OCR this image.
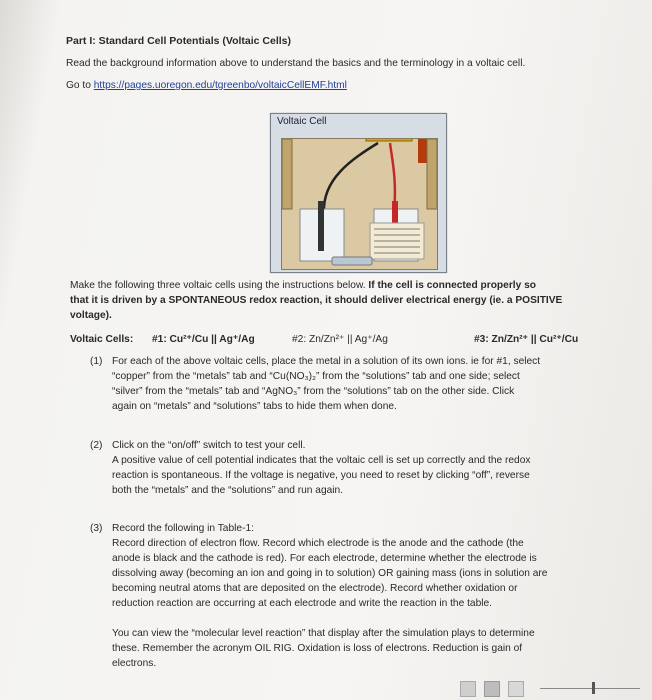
Part I: Standard Cell Potentials (Voltaic Cells)
Read the background information above to understand the basics and the terminology in a voltaic cell.
Go to https://pages.uoregon.edu/tgreenbo/voltaicCellEMF.html
Voltaic Cell
Make the following three voltaic cells using the instructions below. If the cell is connected properly so
that it is driven by a SPONTANEOUS redox reaction, it should deliver electrical energy (ie. a POSITIVE
voltage).
Voltaic Cells: #1: Cu²⁺/Cu || Ag⁺/Ag	#2: Zn/Zn²⁺ || Ag⁺/Ag	#3: Zn/Zn²⁺ || Cu²⁺/Cu
(1) For each of the above voltaic cells, place the metal in a solution of its own ions. ie for #1, select
“copper” from the “metals” tab and “Cu(NO₃)₂” from the “solutions” tab and one side; select
“silver” from the “metals” tab and “AgNO₃” from the “solutions” tab on the other side. Click
again on “metals” and “solutions” tabs to hide them when done.
(2) Click on the “on/off” switch to test your cell.
A positive value of cell potential indicates that the voltaic cell is set up correctly and the redox
reaction is spontaneous. If the voltage is negative, you need to reset by clicking “off”, reverse
both the “metals” and the “solutions” and run again.
(3) Record the following in Table-1:
Record direction of electron flow. Record which electrode is the anode and the cathode (the
anode is black and the cathode is red). For each electrode, determine whether the electrode is
dissolving away (becoming an ion and going in to solution) OR gaining mass (ions in solution are
becoming neutral atoms that are deposited on the electrode). Record whether oxidation or
reduction reaction are occurring at each electrode and write the reaction in the table.
You can view the “molecular level reaction” that display after the simulation plays to determine
these. Remember the acronym OIL RIG. Oxidation is loss of electrons. Reduction is gain of
electrons.
